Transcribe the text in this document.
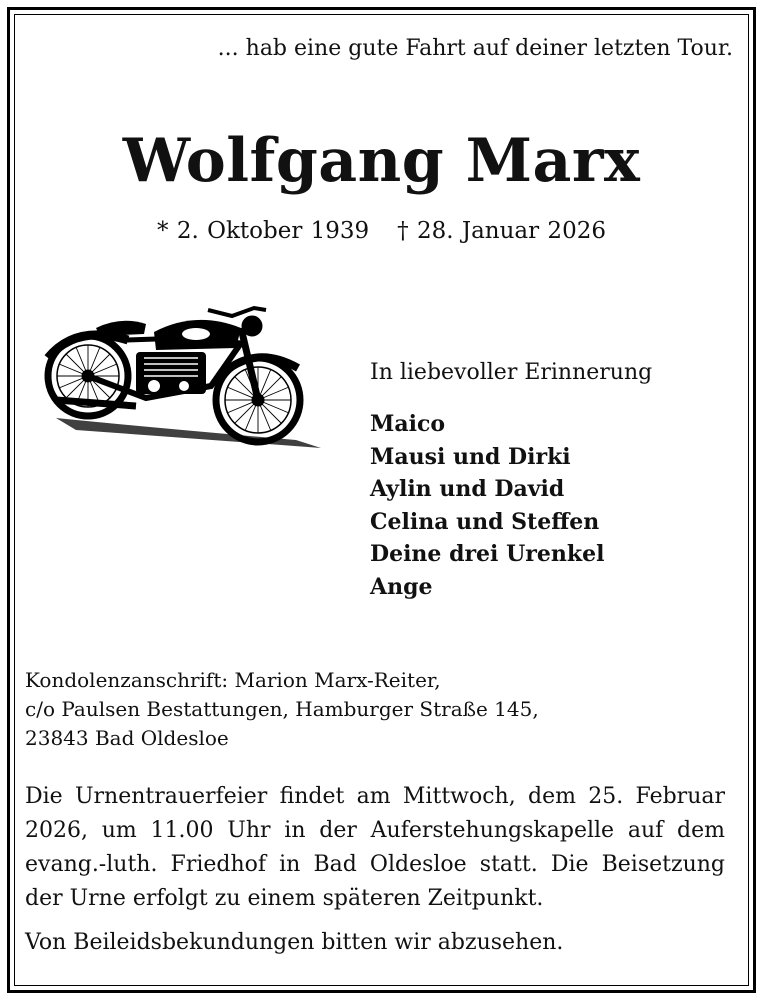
... hab eine gute Fahrt auf deiner letzten Tour.
Wolfgang Marx
* 2. Oktober 1939 † 28. Januar 2026
In liebevoller Erinnerung
Maico
Mausi und Dirki
Aylin und David
Celina und Steffen
Deine drei Urenkel
Ange
Kondolenzanschrift: Marion Marx-Reiter,
c/o Paulsen Bestattungen, Hamburger Straße 145,
23843 Bad Oldesloe
Die Urnentrauerfeier findet am Mittwoch, dem 25. Februar 2026, um 11.00 Uhr in der Auferstehungskapelle auf dem evang.-luth. Friedhof in Bad Oldesloe statt. Die Beisetzung der Urne erfolgt zu einem späteren Zeitpunkt.
Von Beileidsbekundungen bitten wir abzusehen.
